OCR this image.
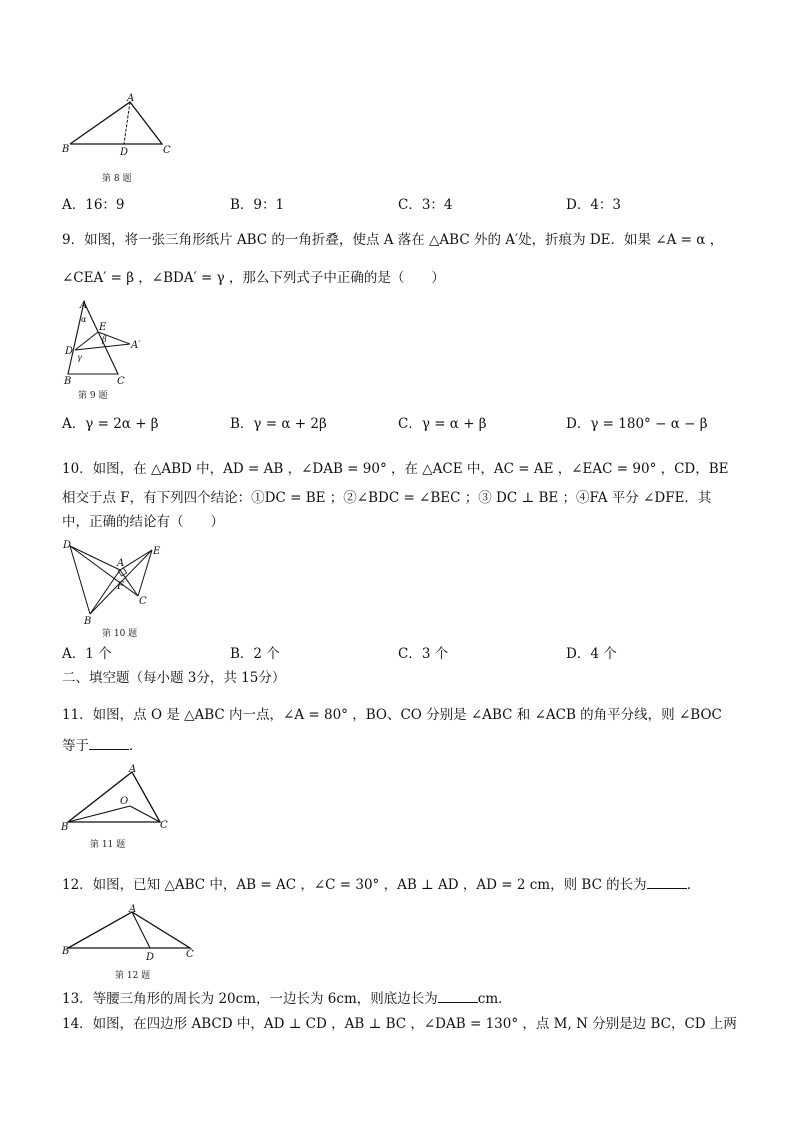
A
B	D	C
第 8 题
A．16：9	B．9：1	C．3：4	D．4：3
9．如图，将一张三角形纸片 ABC 的一角折叠，使点 A 落在 △ABC 外的 A′处，折痕为 DE．如果 ∠A = α ，
∠CEA′ = β ，∠BDA′ = γ ，那么下列式子中正确的是（　　）
A
α
E
β
A′
D
γ
B	C
第 9 题
A．γ = 2α + β	B．γ = α + 2β	C．γ = α + β	D．γ = 180° − α − β
10．如图，在 △ABD 中，AD = AB ，∠DAB = 90° ，在 △ACE 中，AC = AE ，∠EAC = 90° ，CD，BE
相交于点 F，有下列四个结论：①DC = BE ；②∠BDC = ∠BEC ；③ DC ⊥ BE ；④FA 平分 ∠DFE．其
中，正确的结论有（　　）
D
A
E
F
B
C
第 10 题
A．1 个	B．2 个	C．3 个	D．4 个
二、填空题（每小题 3分，共 15分）
11．如图，点 O 是 △ABC 内一点，∠A = 80° ，BO、CO 分别是 ∠ABC 和 ∠ACB 的角平分线，则 ∠BOC
等于	．
A
O
B	C
第 11 题
12．如图，已知 △ABC 中，AB = AC ，∠C = 30° ，AB ⊥ AD ，AD = 2 cm，则 BC 的长为	．
A
B
D	C
第 12 题
13．等腰三角形的周长为 20cm，一边长为 6cm，则底边长为	cm．
14．如图，在四边形 ABCD 中，AD ⊥ CD ，AB ⊥ BC ，∠DAB = 130° ，点 M, N 分别是边 BC，CD 上两
